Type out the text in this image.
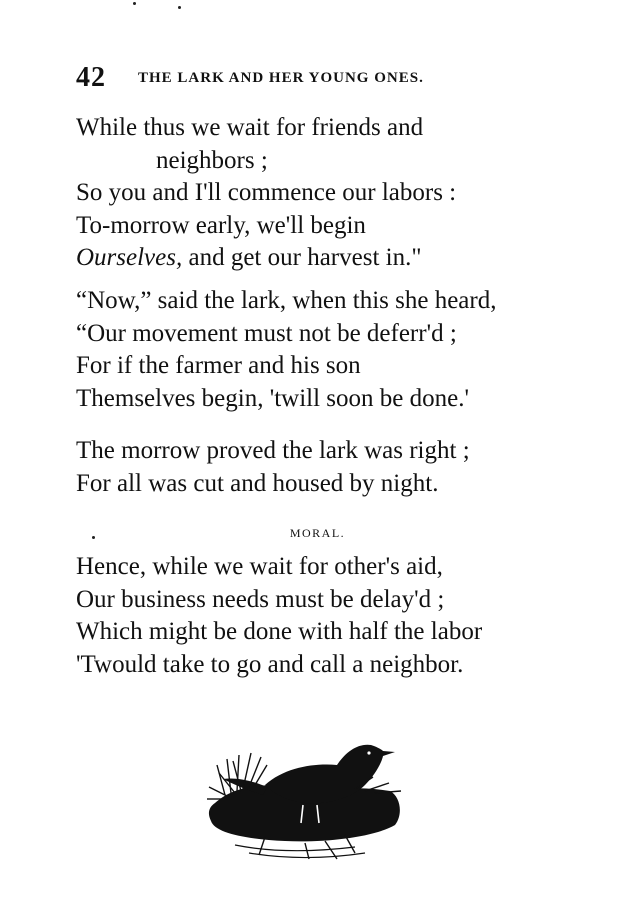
42 THE LARK AND HER YOUNG ONES.
While thus we wait for friends and
neighbors ;
So you and I'll commence our labors :
To-morrow early, we'll begin
Ourselves, and get our harvest in."
“Now,” said the lark, when this she heard,
“Our movement must not be deferr'd ;
For if the farmer and his son
Themselves begin, 'twill soon be done.'
The morrow proved the lark was right ;
For all was cut and housed by night.
MORAL.
Hence, while we wait for other's aid,
Our business needs must be delay'd ;
Which might be done with half the labor
'Twould take to go and call a neighbor.
